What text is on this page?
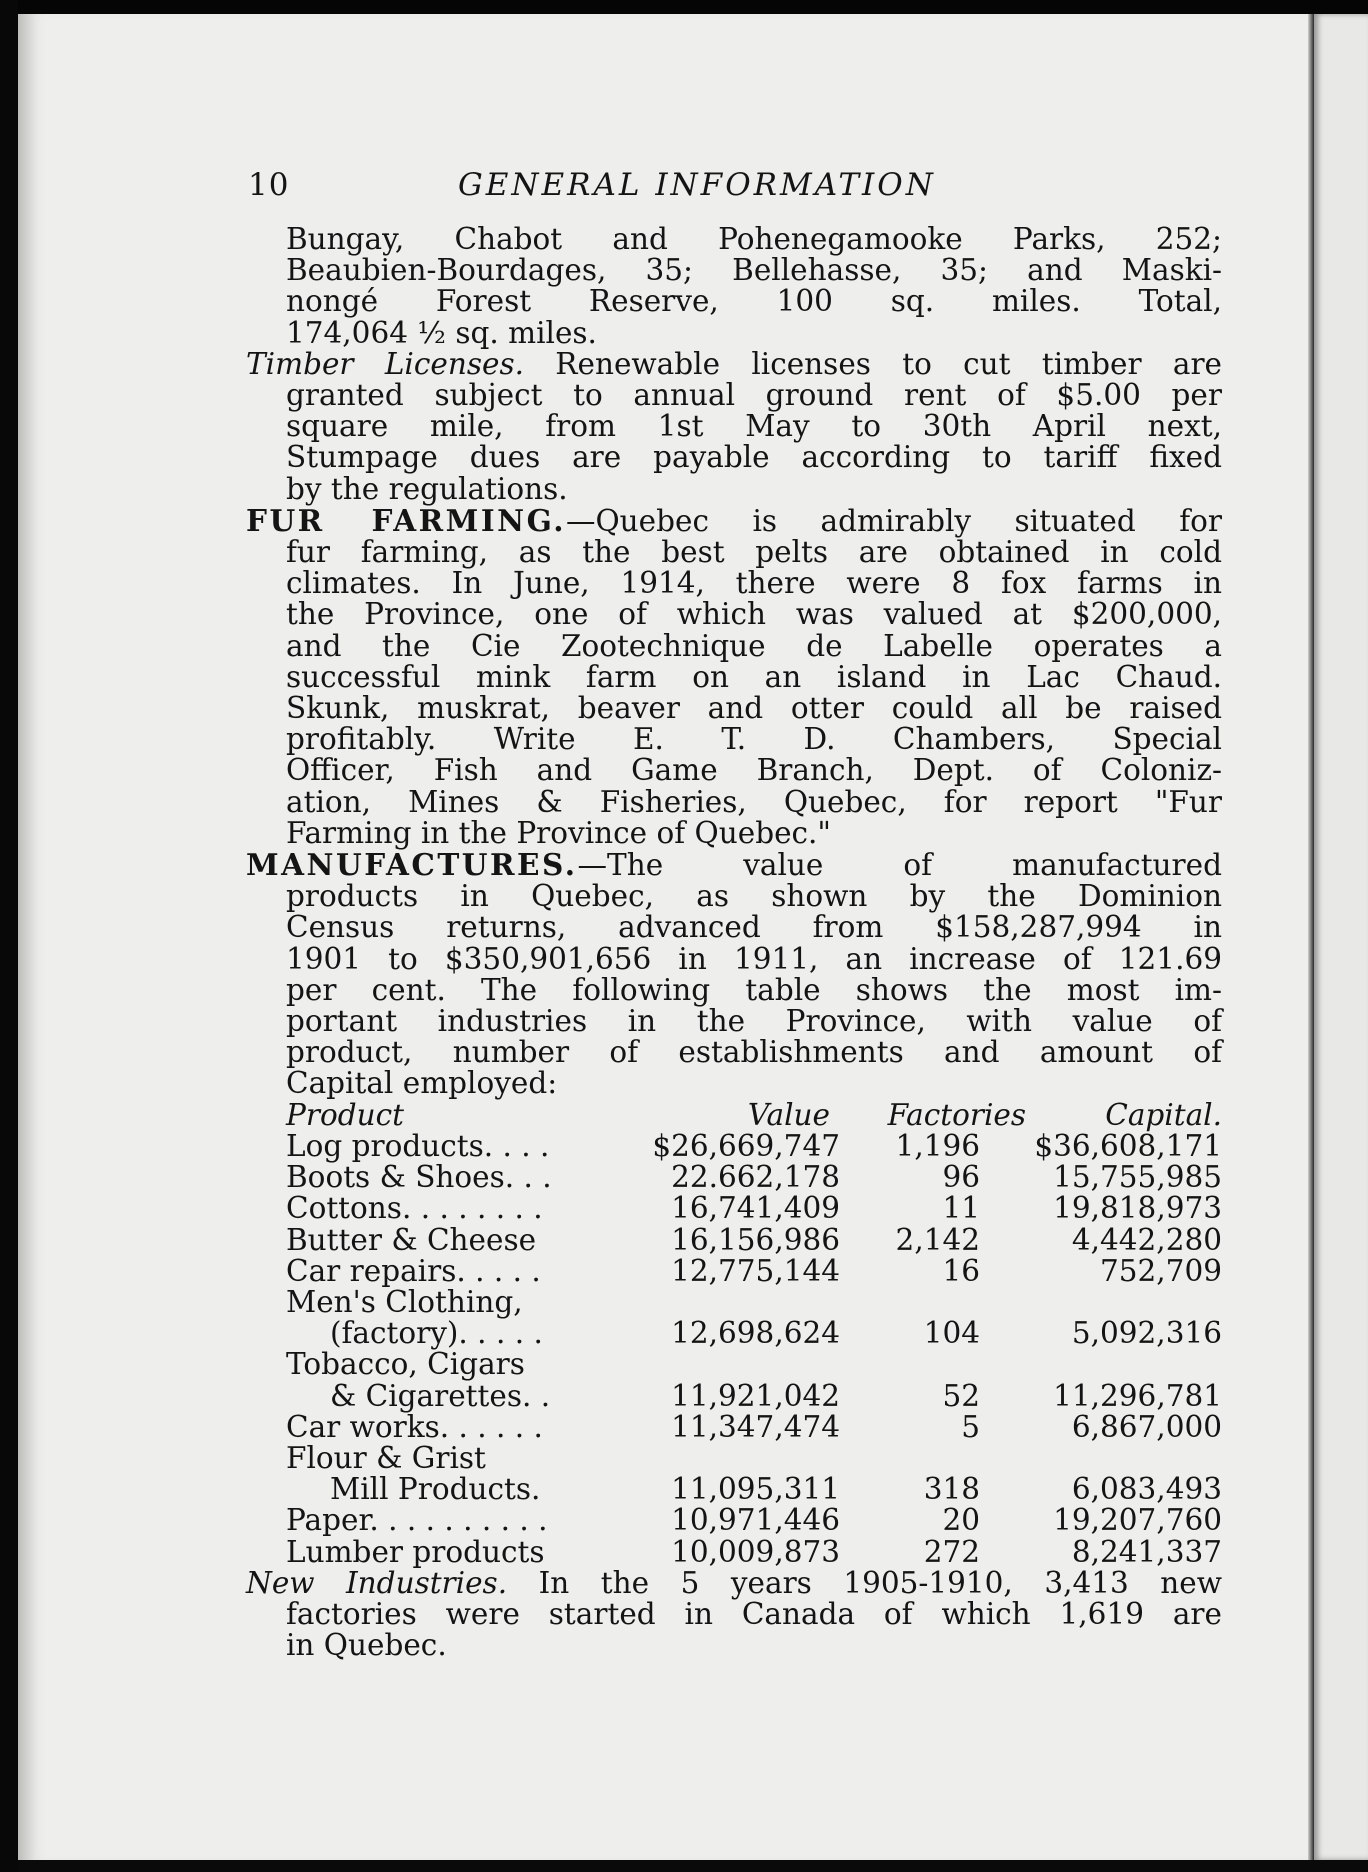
10	GENERAL INFORMATION
Bungay, Chabot and Pohenegamooke Parks, 252;
Beaubien-Bourdages, 35; Bellehasse, 35; and Maski-
nongé Forest Reserve, 100 sq. miles. Total,
174,064 ½ sq. miles.
Timber Licenses. Renewable licenses to cut timber are
granted subject to annual ground rent of $5.00 per
square mile, from 1st May to 30th April next,
Stumpage dues are payable according to tariff fixed
by the regulations.
FUR FARMING.—Quebec is admirably situated for
fur farming, as the best pelts are obtained in cold
climates. In June, 1914, there were 8 fox farms in
the Province, one of which was valued at $200,000,
and the Cie Zootechnique de Labelle operates a
successful mink farm on an island in Lac Chaud.
Skunk, muskrat, beaver and otter could all be raised
profitably. Write E. T. D. Chambers, Special
Officer, Fish and Game Branch, Dept. of Coloniz-
ation, Mines & Fisheries, Quebec, for report "Fur
Farming in the Province of Quebec."
MANUFACTURES.—The value of manufactured
products in Quebec, as shown by the Dominion
Census returns, advanced from $158,287,994 in
1901 to $350,901,656 in 1911, an increase of 121.69
per cent. The following table shows the most im-
portant industries in the Province, with value of
product, number of establishments and amount of
Capital employed:
Product	Value	Factories	Capital.
Log products. . . .	$26,669,747	1,196	$36,608,171
Boots & Shoes. . .	22.662,178	96	15,755,985
Cottons. . . . . . . .	16,741,409	11	19,818,973
Butter & Cheese	16,156,986	2,142	4,442,280
Car repairs. . . . .	12,775,144	16	752,709
Men's Clothing,			
(factory). . . . .	12,698,624	104	5,092,316
Tobacco, Cigars			
& Cigarettes. .	11,921,042	52	11,296,781
Car works. . . . . .	11,347,474	5	6,867,000
Flour & Grist			
Mill Products.	11,095,311	318	6,083,493
Paper. . . . . . . . . .	10,971,446	20	19,207,760
Lumber products	10,009,873	272	8,241,337
New Industries. In the 5 years 1905-1910, 3,413 new
factories were started in Canada of which 1,619 are
in Quebec.
